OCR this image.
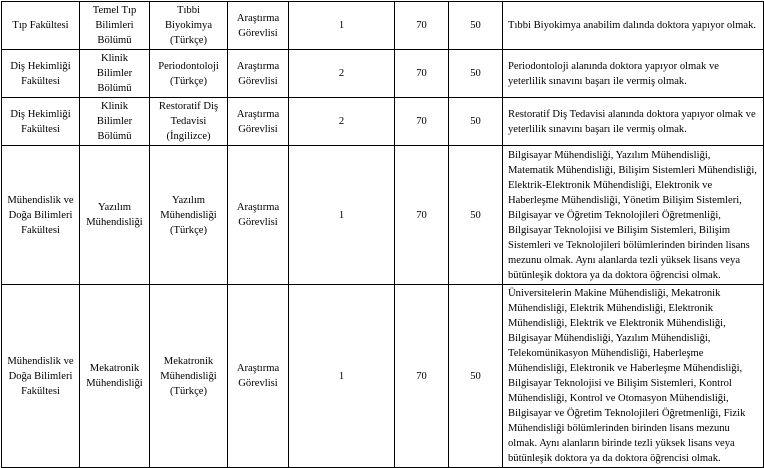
Tıp Fakültesi	Temel Tıp Bilimleri Bölümü	Tıbbi Biyokimya (Türkçe)	Araştırma Görevlisi	1	70	50	Tıbbi Biyokimya anabilim dalında doktora yapıyor olmak.
Diş Hekimliği Fakültesi	Klinik Bilimler Bölümü	Periodontoloji (Türkçe)	Araştırma Görevlisi	2	70	50	Periodontoloji alanında doktora yapıyor olmak ve yeterlilik sınavını başarı ile vermiş olmak.
Diş Hekimliği Fakültesi	Klinik Bilimler Bölümü	Restoratif Diş Tedavisi (İngilizce)	Araştırma Görevlisi	2	70	50	Restoratif Diş Tedavisi alanında doktora yapıyor olmak ve yeterlilik sınavını başarı ile vermiş olmak.
Mühendislik ve Doğa Bilimleri Fakültesi	Yazılım Mühendisliği	Yazılım Mühendisliği (Türkçe)	Araştırma Görevlisi	1	70	50	Bilgisayar Mühendisliği, Yazılım Mühendisliği, Matematik Mühendisliği, Bilişim Sistemleri Mühendisliği, Elektrik-Elektronik Mühendisliği, Elektronik ve Haberleşme Mühendisliği, Yönetim Bilişim Sistemleri, Bilgisayar ve Öğretim Teknolojileri Öğretmenliği, Bilgisayar Teknolojisi ve Bilişim Sistemleri, Bilişim Sistemleri ve Teknolojileri bölümlerinden birinden lisans mezunu olmak. Aynı alanlarda tezli yüksek lisans veya bütünleşik doktora ya da doktora öğrencisi olmak.
Mühendislik ve Doğa Bilimleri Fakültesi	Mekatronik Mühendisliği	Mekatronik Mühendisliği (Türkçe)	Araştırma Görevlisi	1	70	50	Üniversitelerin Makine Mühendisliği, Mekatronik Mühendisliği, Elektrik Mühendisliği, Elektronik Mühendisliği, Elektrik ve Elektronik Mühendisliği, Bilgisayar Mühendisliği, Yazılım Mühendisliği, Telekomünikasyon Mühendisliği, Haberleşme Mühendisliği, Elektronik ve Haberleşme Mühendisliği, Bilgisayar Teknolojisi ve Bilişim Sistemleri, Kontrol Mühendisliği, Kontrol ve Otomasyon Mühendisliği, Bilgisayar ve Öğretim Teknolojileri Öğretmenliği, Fizik Mühendisliği bölümlerinden birinden lisans mezunu olmak. Aynı alanların birinde tezli yüksek lisans veya bütünleşik doktora ya da doktora öğrencisi olmak.
